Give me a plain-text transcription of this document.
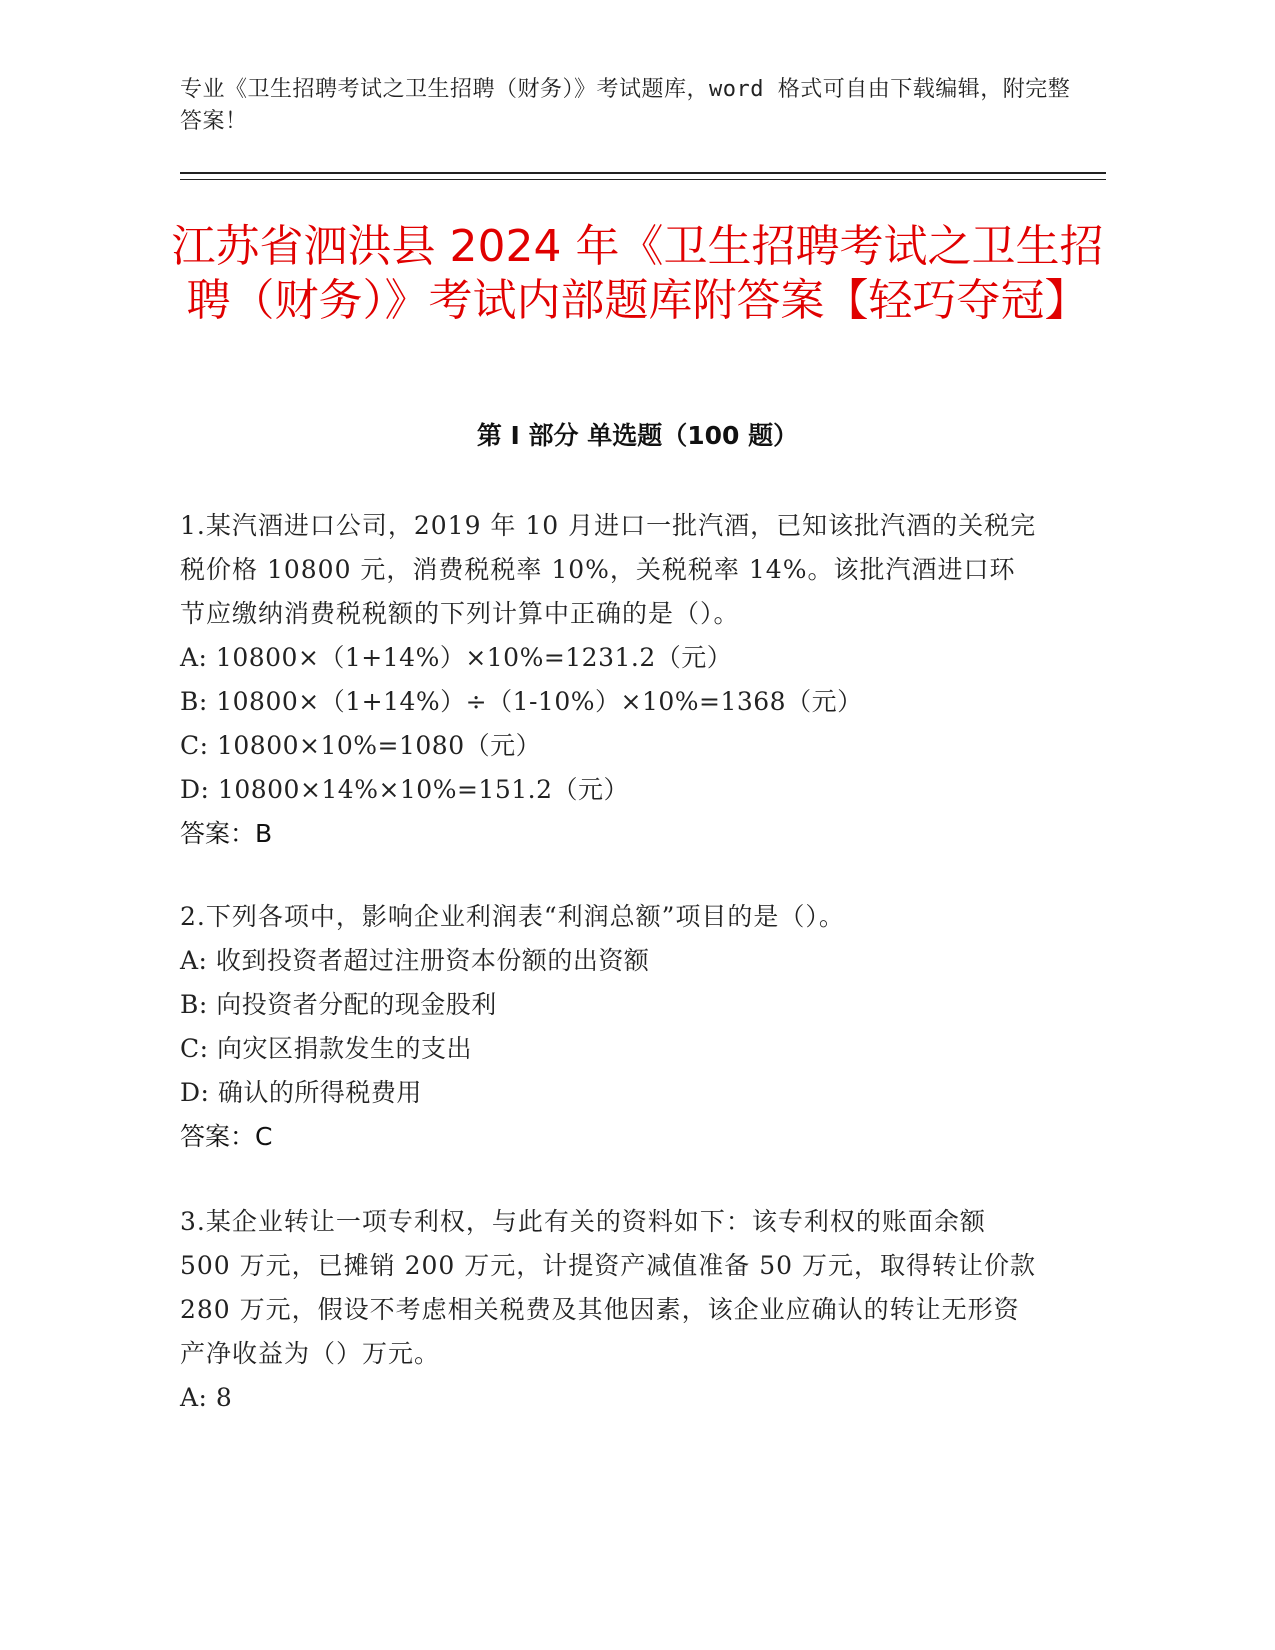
专业《卫生招聘考试之卫生招聘（财务）》考试题库，word 格式可自由下载编辑，附完整答案！
江苏省泗洪县 2024 年《卫生招聘考试之卫生招聘（财务）》考试内部题库附答案【轻巧夺冠】
第 I 部分 单选题（100 题）
1.某汽酒进口公司，2019 年 10 月进口一批汽酒，已知该批汽酒的关税完税价格 10800 元，消费税税率 10%，关税税率 14%。该批汽酒进口环节应缴纳消费税税额的下列计算中正确的是（）。
A: 10800×（1+14%）×10%=1231.2（元）
B: 10800×（1+14%）÷（1-10%）×10%=1368（元）
C: 10800×10%=1080（元）
D: 10800×14%×10%=151.2（元）
答案：B
2.下列各项中，影响企业利润表“利润总额”项目的是（）。
A: 收到投资者超过注册资本份额的出资额
B: 向投资者分配的现金股利
C: 向灾区捐款发生的支出
D: 确认的所得税费用
答案：C
3.某企业转让一项专利权，与此有关的资料如下：该专利权的账面余额 500 万元，已摊销 200 万元，计提资产减值准备 50 万元，取得转让价款 280 万元，假设不考虑相关税费及其他因素，该企业应确认的转让无形资产净收益为（）万元。
A: 8
